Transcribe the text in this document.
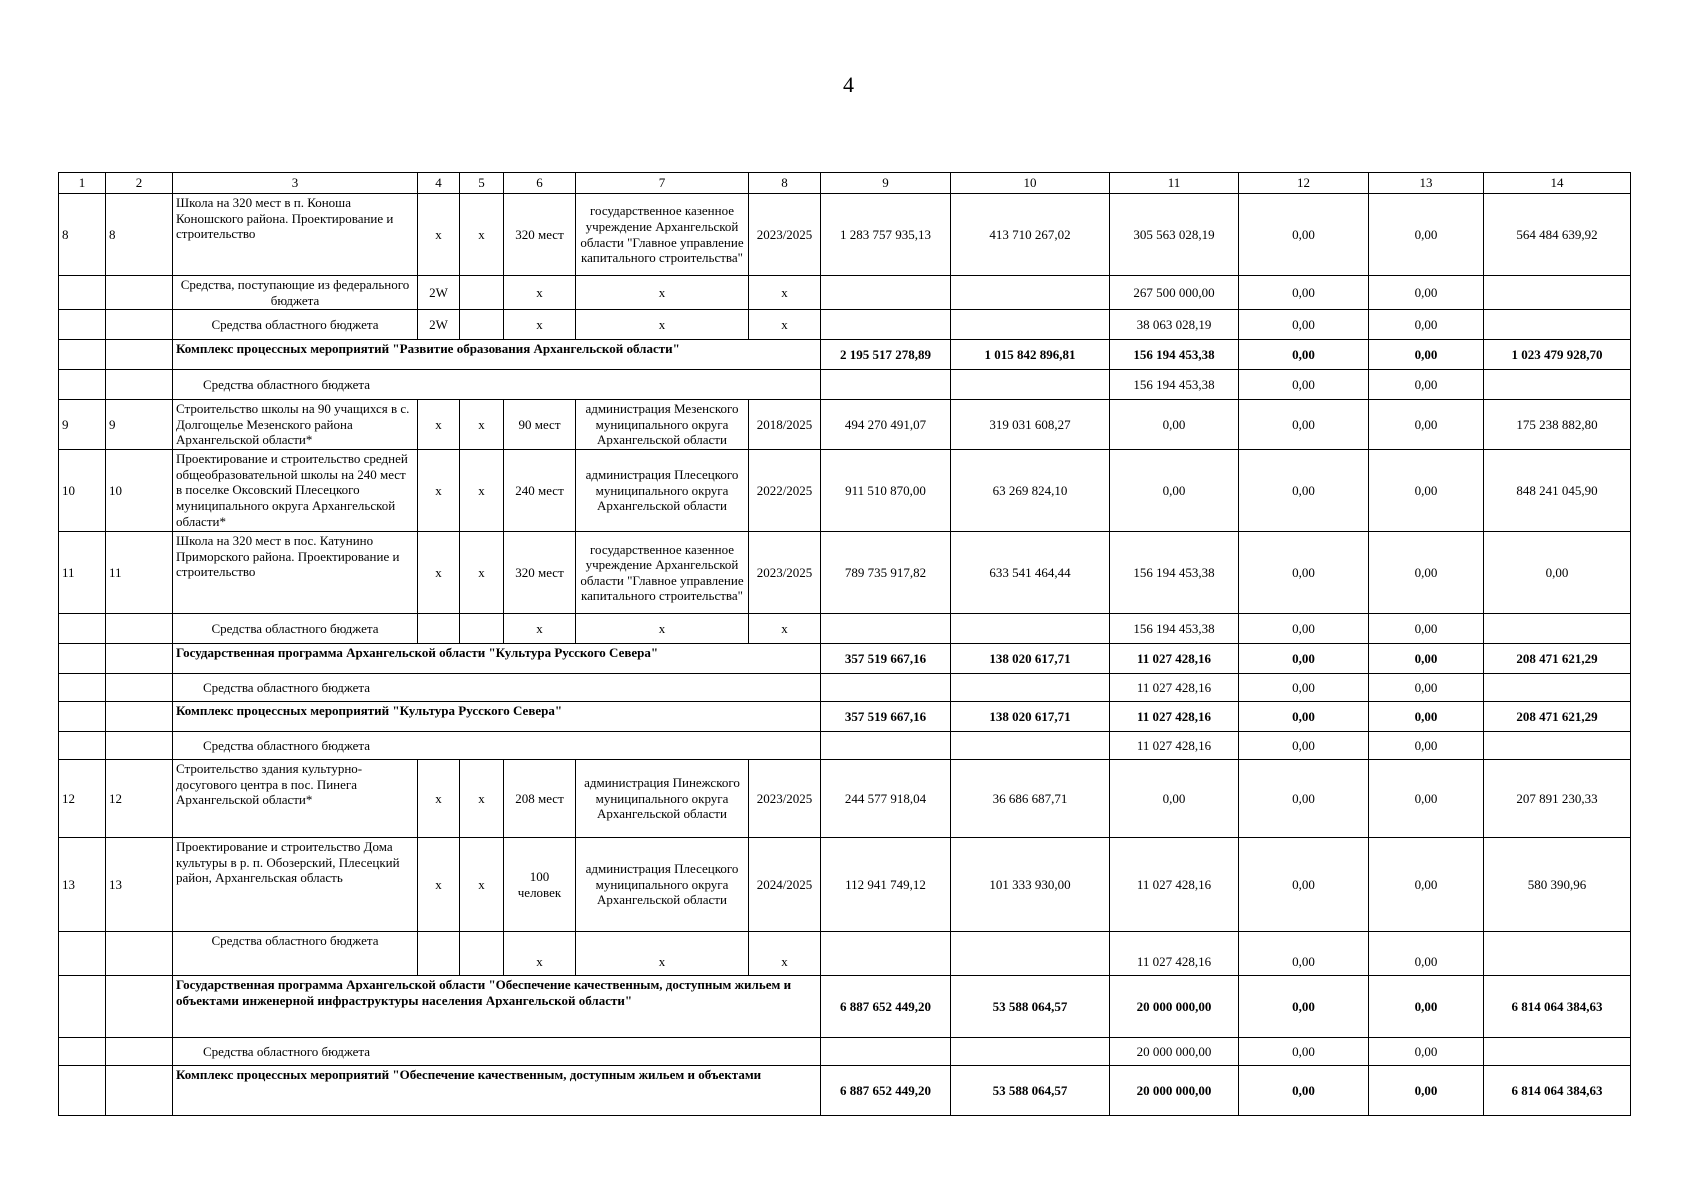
4
1	2	3	4	5	6	7	8	9	10	11	12	13	14
8	8	Школа на 320 мест в п. Коноша Коношского района. Проектирование и строительство	х	х	320 мест	государственное казенное учреждение Архангельской области "Главное управление капитального строительства"	2023/2025	1 283 757 935,13	413 710 267,02	305 563 028,19	0,00	0,00	564 484 639,92
		Средства, поступающие из федерального бюджета	2W		х	х	х			267 500 000,00	0,00	0,00	
		Средства областного бюджета	2W		х	х	х			38 063 028,19	0,00	0,00	
		Комплекс процессных мероприятий "Развитие образования Архангельской области"						2 195 517 278,89	1 015 842 896,81	156 194 453,38	0,00	0,00	1 023 479 928,70
		Средства областного бюджета								156 194 453,38	0,00	0,00	
9	9	Строительство школы на 90 учащихся в с. Долгощелье Мезенского района Архангельской области*	х	х	90 мест	администрация Мезенского муниципального округа Архангельской области	2018/2025	494 270 491,07	319 031 608,27	0,00	0,00	0,00	175 238 882,80
10	10	Проектирование и строительство средней общеобразовательной школы на 240 мест в поселке Оксовский Плесецкого муниципального округа Архангельской области*	х	х	240 мест	администрация Плесецкого муниципального округа Архангельской области	2022/2025	911 510 870,00	63 269 824,10	0,00	0,00	0,00	848 241 045,90
11	11	Школа на 320 мест в пос. Катунино Приморского района. Проектирование и строительство	х	х	320 мест	государственное казенное учреждение Архангельской области "Главное управление капитального строительства"	2023/2025	789 735 917,82	633 541 464,44	156 194 453,38	0,00	0,00	0,00
		Средства областного бюджета			х	х	х			156 194 453,38	0,00	0,00	
		Государственная программа Архангельской области "Культура Русского Севера"						357 519 667,16	138 020 617,71	11 027 428,16	0,00	0,00	208 471 621,29
		Средства областного бюджета								11 027 428,16	0,00	0,00	
		Комплекс процессных мероприятий "Культура Русского Севера"						357 519 667,16	138 020 617,71	11 027 428,16	0,00	0,00	208 471 621,29
		Средства областного бюджета								11 027 428,16	0,00	0,00	
12	12	Строительство здания культурно-досугового центра в пос. Пинега Архангельской области*	х	х	208 мест	администрация Пинежского муниципального округа Архангельской области	2023/2025	244 577 918,04	36 686 687,71	0,00	0,00	0,00	207 891 230,33
13	13	Проектирование и строительство Дома культуры в р. п. Обозерский, Плесецкий район, Архангельская область	х	х	100 человек	администрация Плесецкого муниципального округа Архангельской области	2024/2025	112 941 749,12	101 333 930,00	11 027 428,16	0,00	0,00	580 390,96
		Средства областного бюджета			х	х	х			11 027 428,16	0,00	0,00	
		Государственная программа Архангельской области "Обеспечение качественным, доступным жильем и объектами инженерной инфраструктуры населения Архангельской области"						6 887 652 449,20	53 588 064,57	20 000 000,00	0,00	0,00	6 814 064 384,63
		Средства областного бюджета								20 000 000,00	0,00	0,00	
		Комплекс процессных мероприятий "Обеспечение качественным, доступным жильем и объектами						6 887 652 449,20	53 588 064,57	20 000 000,00	0,00	0,00	6 814 064 384,63
